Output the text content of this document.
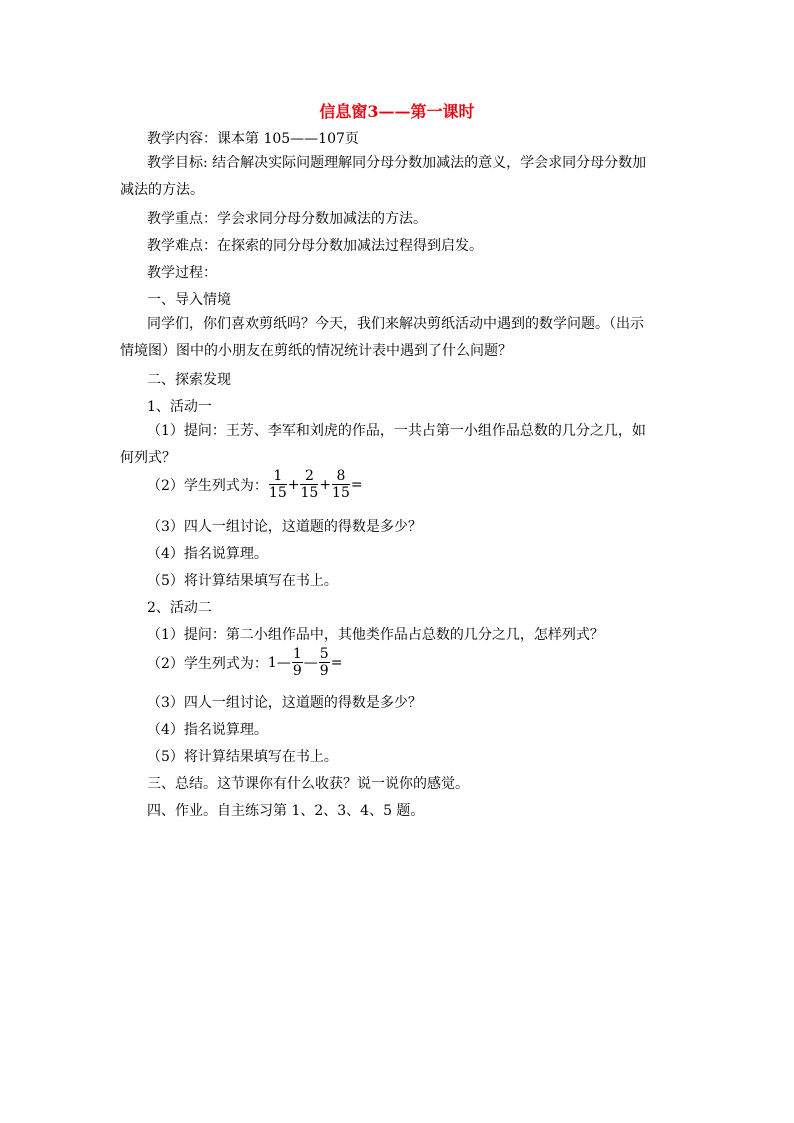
信息窗3——第一课时
教学内容：课本第 105——107页
教学目标: 结合解决实际问题理解同分母分数加减法的意义，学会求同分母分数加减法的方法。
教学重点：学会求同分母分数加减法的方法。
教学难点：在探索的同分母分数加减法过程得到启发。
教学过程：
一、导入情境
同学们，你们喜欢剪纸吗？今天，我们来解决剪纸活动中遇到的数学问题。（出示情境图）图中的小朋友在剪纸的情况统计表中遇到了什么问题？
二、探索发现
1、活动一
（1）提问：王芳、李军和刘虎的作品，一共占第一小组作品总数的几分之几，如何列式？
（2）学生列式为： $\frac{1}{15} + \frac{2}{15} + \frac{8}{15}$ =
（3）四人一组讨论，这道题的得数是多少？
（4）指名说算理。
（5）将计算结果填写在书上。
2、活动二
（1）提问：第二小组作品中，其他类作品占总数的几分之几，怎样列式？
（2）学生列式为：1— $\frac{1}{9}$ — $\frac{5}{9}$ =
（3）四人一组讨论，这道题的得数是多少？
（4）指名说算理。
（5）将计算结果填写在书上。
三、总结。这节课你有什么收获？说一说你的感觉。
四、作业。自主练习第 1、2、3、4、5 题。
